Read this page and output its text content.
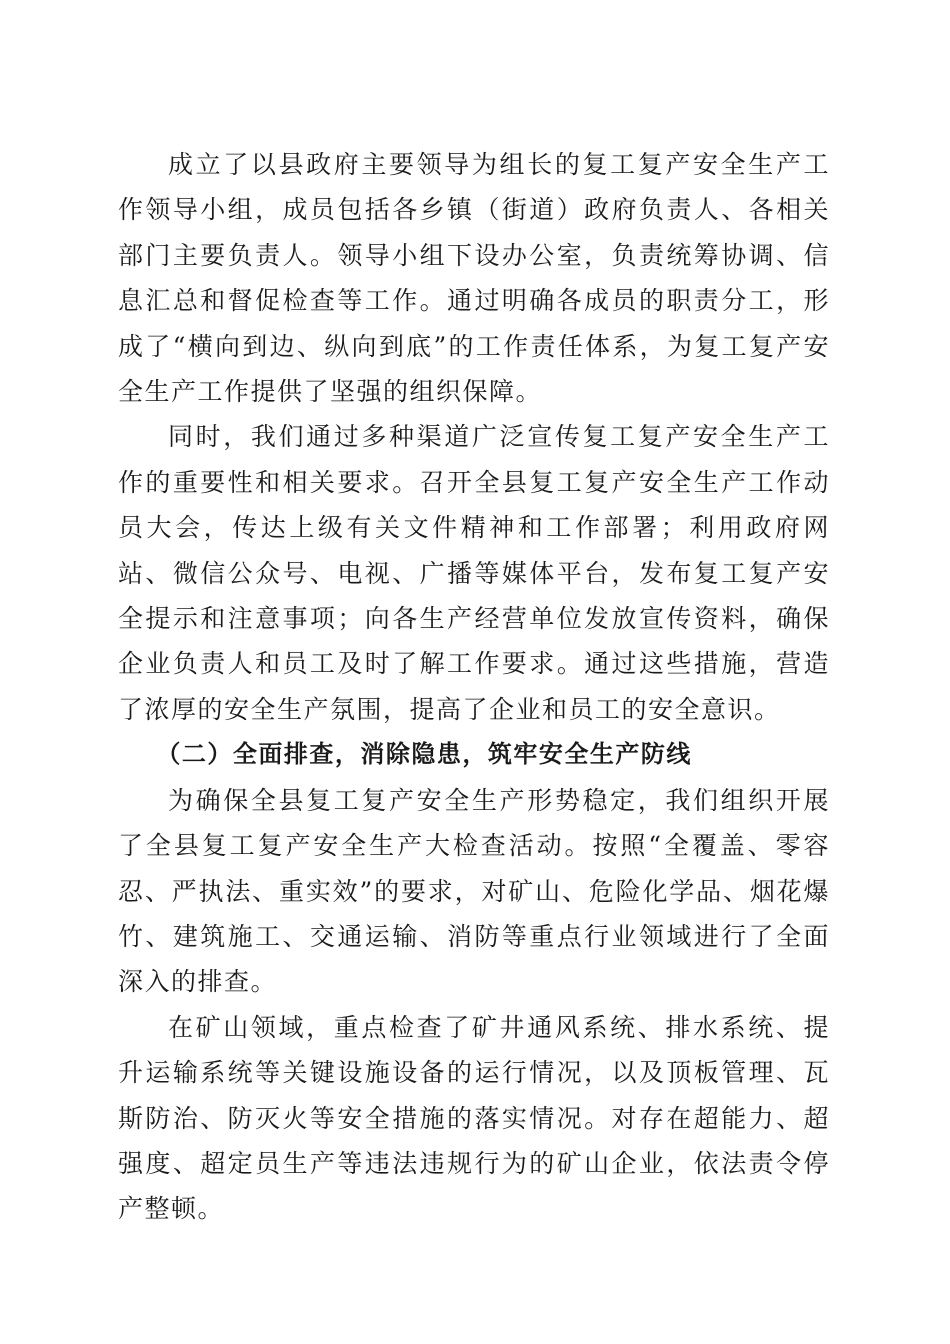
成立了以县政府主要领导为组长的复工复产安全生产工作领导小组，成员包括各乡镇（街道）政府负责人、各相关部门主要负责人。领导小组下设办公室，负责统筹协调、信息汇总和督促检查等工作。通过明确各成员的职责分工，形成了“横向到边、纵向到底”的工作责任体系，为复工复产安全生产工作提供了坚强的组织保障。

同时，我们通过多种渠道广泛宣传复工复产安全生产工作的重要性和相关要求。召开全县复工复产安全生产工作动员大会，传达上级有关文件精神和工作部署；利用政府网站、微信公众号、电视、广播等媒体平台，发布复工复产安全提示和注意事项；向各生产经营单位发放宣传资料，确保企业负责人和员工及时了解工作要求。通过这些措施，营造了浓厚的安全生产氛围，提高了企业和员工的安全意识。

（二）全面排查，消除隐患，筑牢安全生产防线

为确保全县复工复产安全生产形势稳定，我们组织开展了全县复工复产安全生产大检查活动。按照“全覆盖、零容忍、严执法、重实效”的要求，对矿山、危险化学品、烟花爆竹、建筑施工、交通运输、消防等重点行业领域进行了全面深入的排查。

在矿山领域，重点检查了矿井通风系统、排水系统、提升运输系统等关键设施设备的运行情况，以及顶板管理、瓦斯防治、防灭火等安全措施的落实情况。对存在超能力、超强度、超定员生产等违法违规行为的矿山企业，依法责令停产整顿。
